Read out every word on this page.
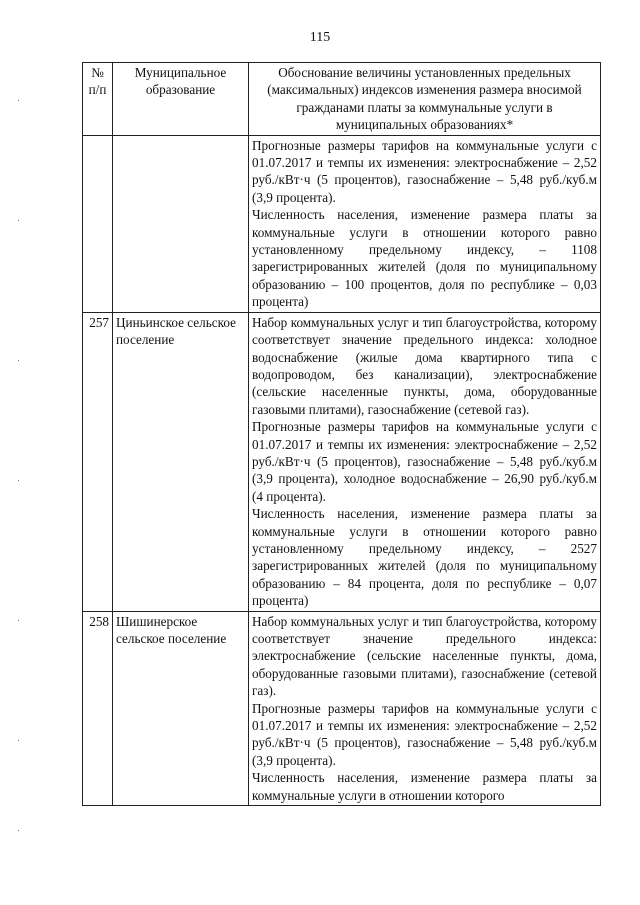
115
№ п/п	Муниципальное образование	Обоснование величины установленных предельных (максимальных) индексов изменения размера вносимой гражданами платы за коммунальные услуги в муниципальных образованиях*

		Прогнозные размеры тарифов на коммунальные услуги с 01.07.2017 и темпы их изменения: электроснабжение – 2,52 руб./кВт·ч (5 процентов), газоснабжение – 5,48 руб./куб.м (3,9 процента).

Численность населения, изменение размера платы за коммунальные услуги в отношении которого равно установленному предельному индексу, – 1108 зарегистрированных жителей (доля по муниципальному образованию – 100 процентов, доля по республике – 0,03 процента)

257	Циньинское сельское поселение	Набор коммунальных услуг и тип благоустройства, которому соответствует значение предельного индекса: холодное водоснабжение (жилые дома квартирного типа с водопроводом, без канализации), электроснабжение (сельские населенные пункты, дома, оборудованные газовыми плитами), газоснабжение (сетевой газ).

Прогнозные размеры тарифов на коммунальные услуги с 01.07.2017 и темпы их изменения: электроснабжение – 2,52 руб./кВт·ч (5 процентов), газоснабжение – 5,48 руб./куб.м (3,9 процента), холодное водоснабжение – 26,90 руб./куб.м (4 процента).

Численность населения, изменение размера платы за коммунальные услуги в отношении которого равно установленному предельному индексу, – 2527 зарегистрированных жителей (доля по муниципальному образованию – 84 процента, доля по республике – 0,07 процента)

258	Шишинерское сельское поселение	Набор коммунальных услуг и тип благоустройства, которому соответствует значение предельного индекса: электроснабжение (сельские населенные пункты, дома, оборудованные газовыми плитами), газоснабжение (сетевой газ).

Прогнозные размеры тарифов на коммунальные услуги с 01.07.2017 и темпы их изменения: электроснабжение – 2,52 руб./кВт·ч (5 процентов), газоснабжение – 5,48 руб./куб.м (3,9 процента).

Численность населения, изменение размера платы за коммунальные услуги в отношении которого
